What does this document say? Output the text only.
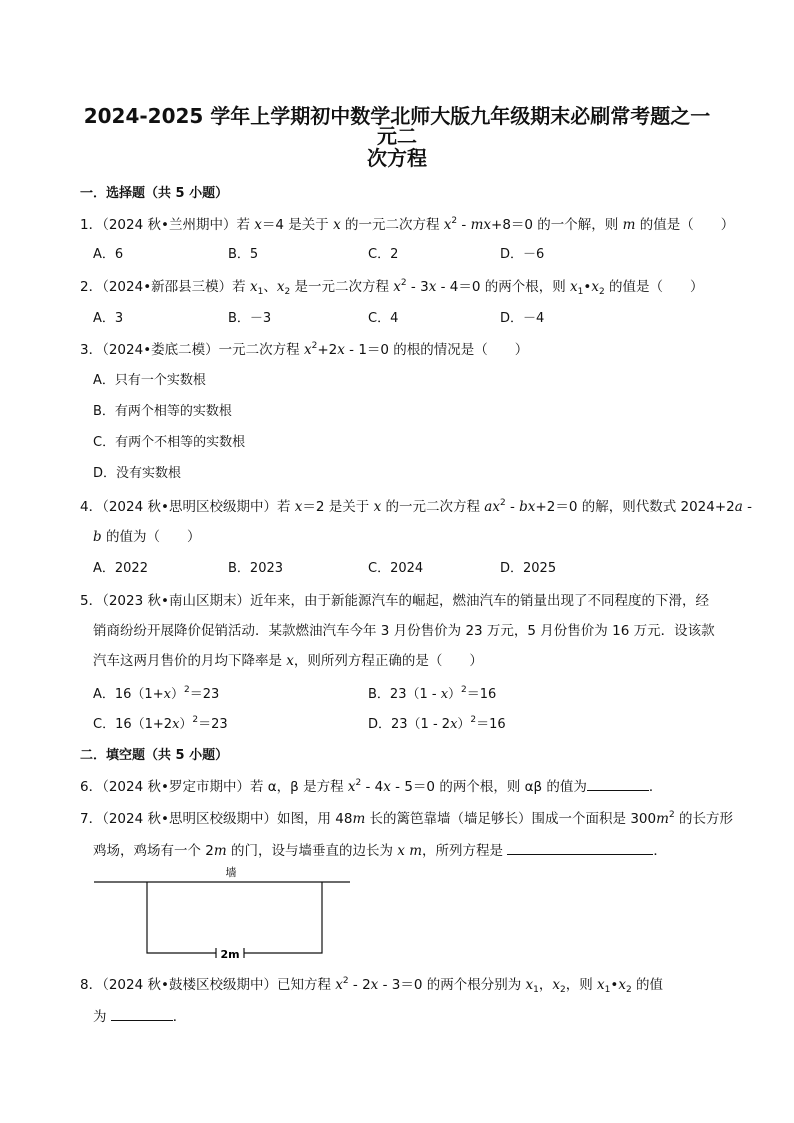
2024-2025 学年上学期初中数学北师大版九年级期末必刷常考题之一元二
次方程
一．选择题（共 5 小题）
1．（2024 秋•兰州期中）若 x＝4 是关于 x 的一元二次方程 $x^2 - mx+8=0$ 的一个解，则 m 的值是（　　）
A．6	B．5	C．2	D．－6
2．（2024•新邵县三模）若 $x_1$、$x_2$ 是一元二次方程 $x^2 - 3x - 4=0$ 的两个根，则 $x_1•x_2$ 的值是（　　）
A．3	B．－3	C．4	D．－4
3．（2024•娄底二模）一元二次方程 $x^2+2x - 1=0$ 的根的情况是（　　）
A．只有一个实数根
B．有两个相等的实数根
C．有两个不相等的实数根
D．没有实数根
4．（2024 秋•思明区校级期中）若 x＝2 是关于 x 的一元二次方程 $ax^2 - bx+2=0$ 的解，则代数式 2024+2a -
b 的值为（　　）
A．2022	B．2023	C．2024	D．2025
5．（2023 秋•南山区期末）近年来，由于新能源汽车的崛起，燃油汽车的销量出现了不同程度的下滑，经
销商纷纷开展降价促销活动．某款燃油汽车今年 3 月份售价为 23 万元，5 月份售价为 16 万元．设该款
汽车这两月售价的月均下降率是 x，则所列方程正确的是（　　）
A．$16(1+x)^2=23$	B．23（1 - x）$^2$＝16
C．$16(1+2x)^2=23$	D．23（1 - 2x）$^2$＝16
二．填空题（共 5 小题）
6．（2024 秋•罗定市期中）若 α，β 是方程 $x^2 - 4x - 5=0$ 的两个根，则 αβ 的值为	．
7．（2024 秋•思明区校级期中）如图，用 48m 长的篱笆靠墙（墙足够长）围成一个面积是 $300m^2$ 的长方形
鸡场，鸡场有一个 2m 的门，设与墙垂直的边长为 x m，所列方程是	．
墙
2m
8．（2024 秋•鼓楼区校级期中）已知方程 $x^2 - 2x - 3=0$ 的两个根分别为 $x_1$，$x_2$，则 $x_1•x_2$ 的值
为	．
